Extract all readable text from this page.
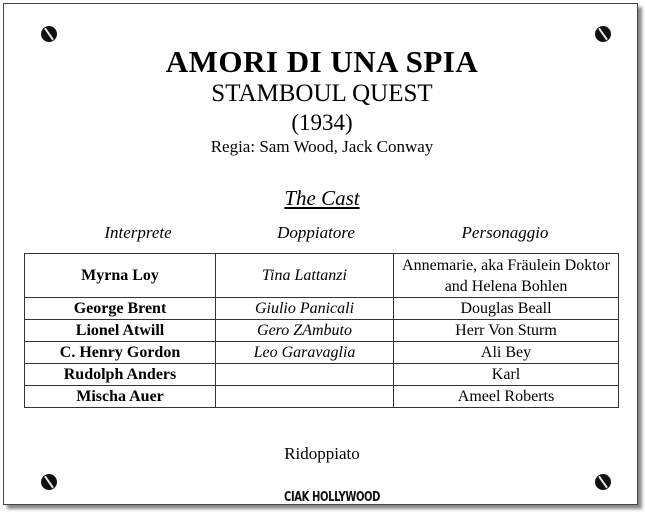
AMORI DI UNA SPIA
STAMBOUL QUEST
(1934)
Regia: Sam Wood, Jack Conway
The Cast
Interprete	Doppiatore	Personaggio
Myrna Loy	Tina Lattanzi	Annemarie, aka Fräulein Doktor and Helena Bohlen
George Brent	Giulio Panicali	Douglas Beall
Lionel Atwill	Gero ZAmbuto	Herr Von Sturm
C. Henry Gordon	Leo Garavaglia	Ali Bey
Rudolph Anders		Karl
Mischa Auer		Ameel Roberts
Ridoppiato
CIAK HOLLYWOOD
